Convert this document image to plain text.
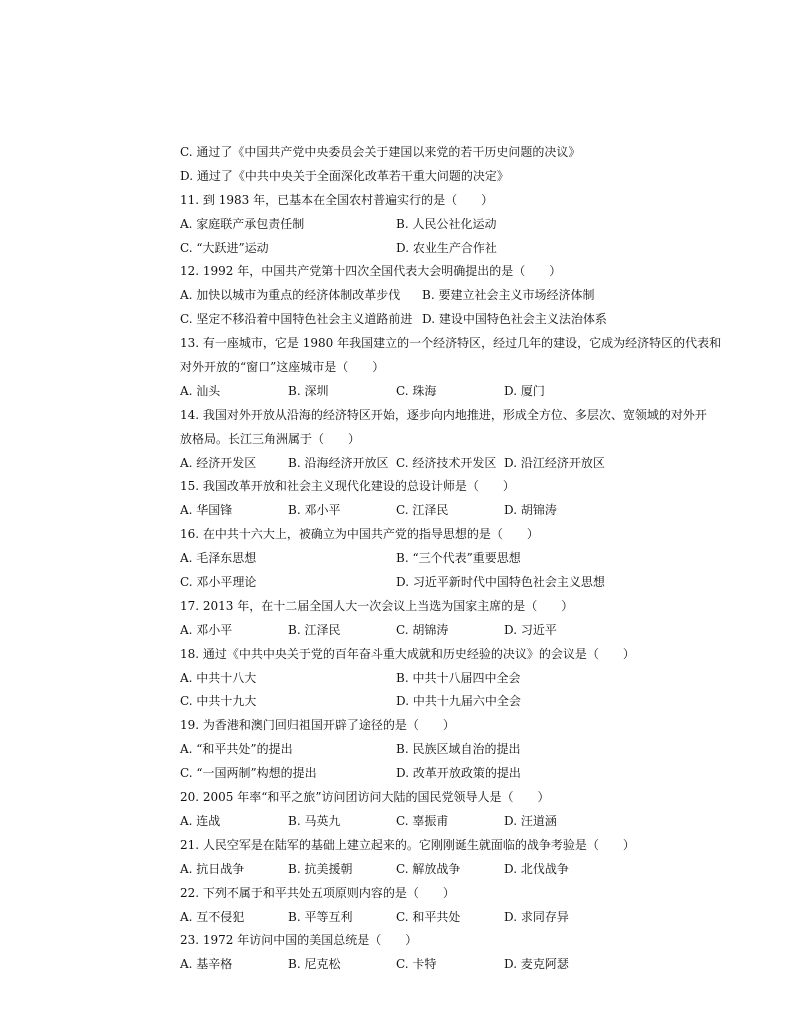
C. 通过了《中国共产党中央委员会关于建国以来党的若干历史问题的决议》
D. 通过了《中共中央关于全面深化改革若干重大问题的决定》
11. 到 1983 年，已基本在全国农村普遍实行的是（　　）
A. 家庭联产承包责任制	B. 人民公社化运动
C. “大跃进”运动	D. 农业生产合作社
12. 1992 年，中国共产党第十四次全国代表大会明确提出的是（　　）
A. 加快以城市为重点的经济体制改革步伐 B. 要建立社会主义市场经济体制
C. 坚定不移沿着中国特色社会主义道路前进 D. 建设中国特色社会主义法治体系
13. 有一座城市，它是 1980 年我国建立的一个经济特区，经过几年的建设，它成为经济特区的代表和
对外开放的“窗口”这座城市是（　　）
A. 汕头	B. 深圳	C. 珠海	D. 厦门
14. 我国对外开放从沿海的经济特区开始，逐步向内地推进，形成全方位、多层次、宽领域的对外开
放格局。长江三角洲属于（　　）
A. 经济开发区	B. 沿海经济开放区 C. 经济技术开发区 D. 沿江经济开放区
15. 我国改革开放和社会主义现代化建设的总设计师是（　　）
A. 华国锋	B. 邓小平	C. 江泽民	D. 胡锦涛
16. 在中共十六大上，被确立为中国共产党的指导思想的是（　　）
A. 毛泽东思想	B. “三个代表”重要思想
C. 邓小平理论	D. 习近平新时代中国特色社会主义思想
17. 2013 年，在十二届全国人大一次会议上当选为国家主席的是（　　）
A. 邓小平	B. 江泽民	C. 胡锦涛	D. 习近平
18. 通过《中共中央关于党的百年奋斗重大成就和历史经验的决议》的会议是（　　）
A. 中共十八大	B. 中共十八届四中全会
C. 中共十九大	D. 中共十九届六中全会
19. 为香港和澳门回归祖国开辟了途径的是（　　）
A. “和平共处”的提出	B. 民族区域自治的提出
C. “一国两制”构想的提出	D. 改革开放政策的提出
20. 2005 年率“和平之旅”访问团访问大陆的国民党领导人是（　　）
A. 连战	B. 马英九	C. 辜振甫	D. 汪道涵
21. 人民空军是在陆军的基础上建立起来的。它刚刚诞生就面临的战争考验是（　　）
A. 抗日战争	B. 抗美援朝	C. 解放战争	D. 北伐战争
22. 下列不属于和平共处五项原则内容的是（　　）
A. 互不侵犯	B. 平等互利	C. 和平共处	D. 求同存异
23. 1972 年访问中国的美国总统是（　　）
A. 基辛格	B. 尼克松	C. 卡特	D. 麦克阿瑟
